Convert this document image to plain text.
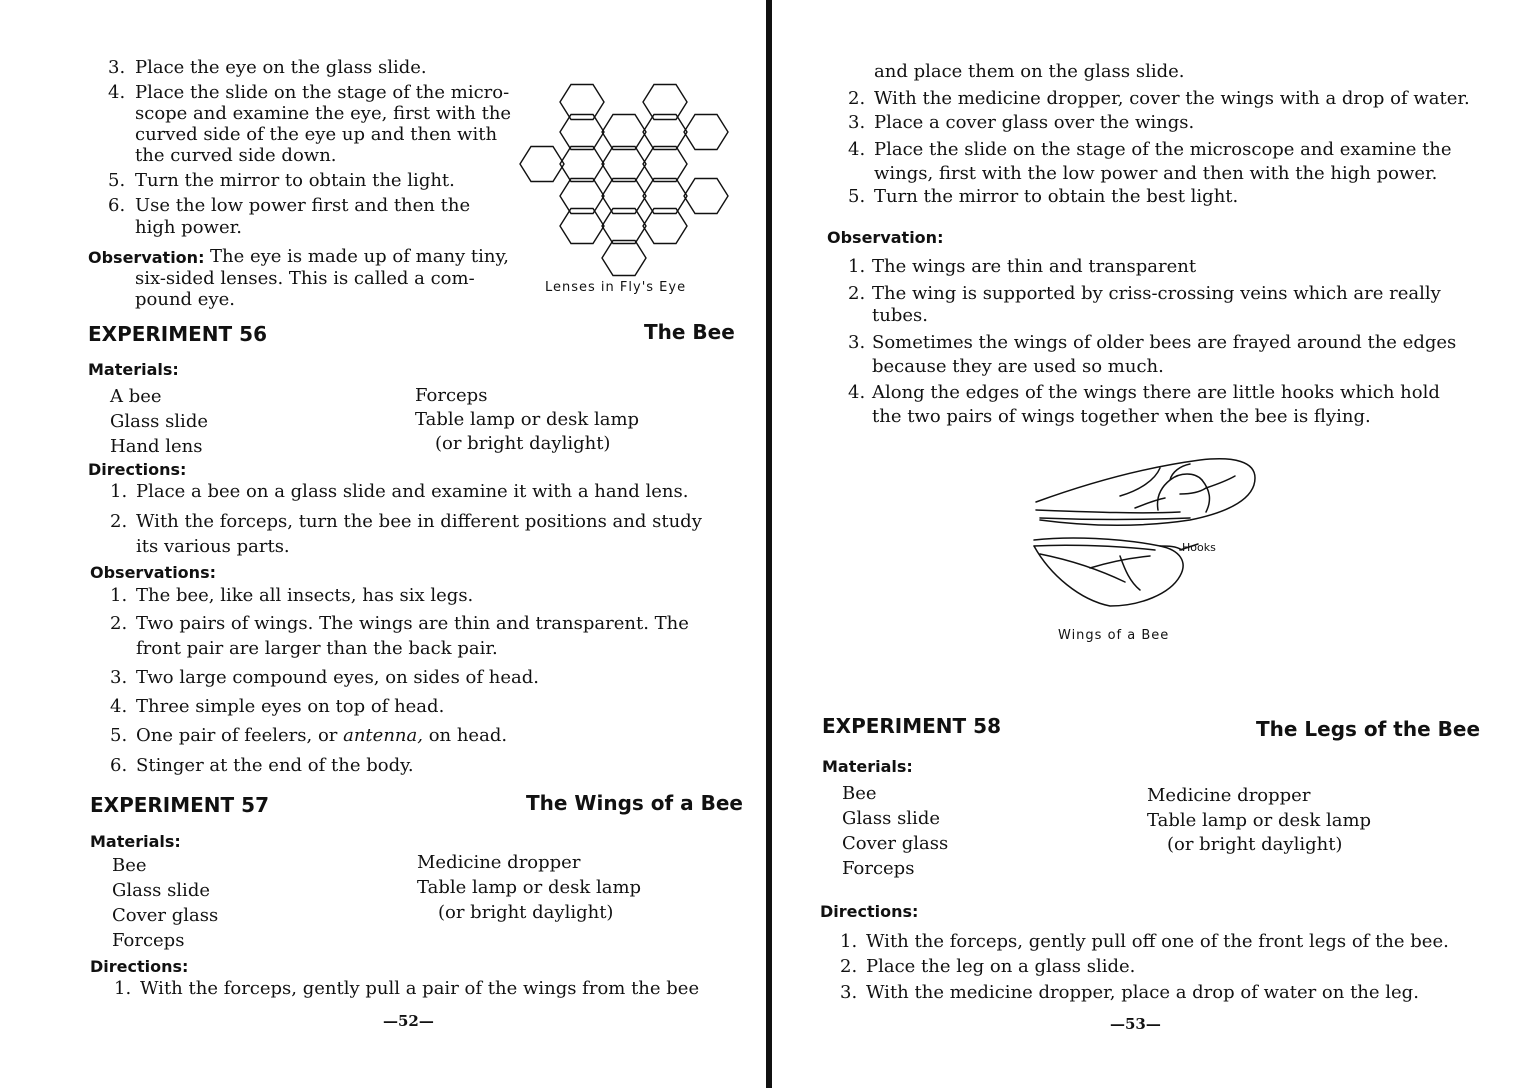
3. Place the eye on the glass slide.
4. Place the slide on the stage of the micro-
scope and examine the eye, first with the
curved side of the eye up and then with
the curved side down.
5. Turn the mirror to obtain the light.
6. Use the low power first and then the
high power.
Observation: The eye is made up of many tiny,
six-sided lenses. This is called a com-
pound eye.
Lenses in Fly's Eye
EXPERIMENT 56	The Bee
Materials:
A bee
Glass slide
Hand lens
Forceps
Table lamp or desk lamp
(or bright daylight)
Directions:
1. Place a bee on a glass slide and examine it with a hand lens.
2. With the forceps, turn the bee in different positions and study
its various parts.
Observations:
1. The bee, like all insects, has six legs.
2. Two pairs of wings. The wings are thin and transparent. The
front pair are larger than the back pair.
3. Two large compound eyes, on sides of head.
4. Three simple eyes on top of head.
5. One pair of feelers, or antenna, on head.
6. Stinger at the end of the body.
EXPERIMENT 57	The Wings of a Bee
Materials:
Bee
Glass slide
Cover glass
Forceps
Medicine dropper
Table lamp or desk lamp
(or bright daylight)
Directions:
1. With the forceps, gently pull a pair of the wings from the bee
—52—
and place them on the glass slide.
2. With the medicine dropper, cover the wings with a drop of water.
3. Place a cover glass over the wings.
4. Place the slide on the stage of the microscope and examine the
wings, first with the low power and then with the high power.
5. Turn the mirror to obtain the best light.
Observation:
1. The wings are thin and transparent
2. The wing is supported by criss-crossing veins which are really
tubes.
3. Sometimes the wings of older bees are frayed around the edges
because they are used so much.
4. Along the edges of the wings there are little hooks which hold
the two pairs of wings together when the bee is flying.
Hooks
Wings of a Bee
EXPERIMENT 58	The Legs of the Bee
Materials:
Bee
Glass slide
Cover glass
Forceps
Medicine dropper
Table lamp or desk lamp
(or bright daylight)
Directions:
1. With the forceps, gently pull off one of the front legs of the bee.
2. Place the leg on a glass slide.
3. With the medicine dropper, place a drop of water on the leg.
—53—
